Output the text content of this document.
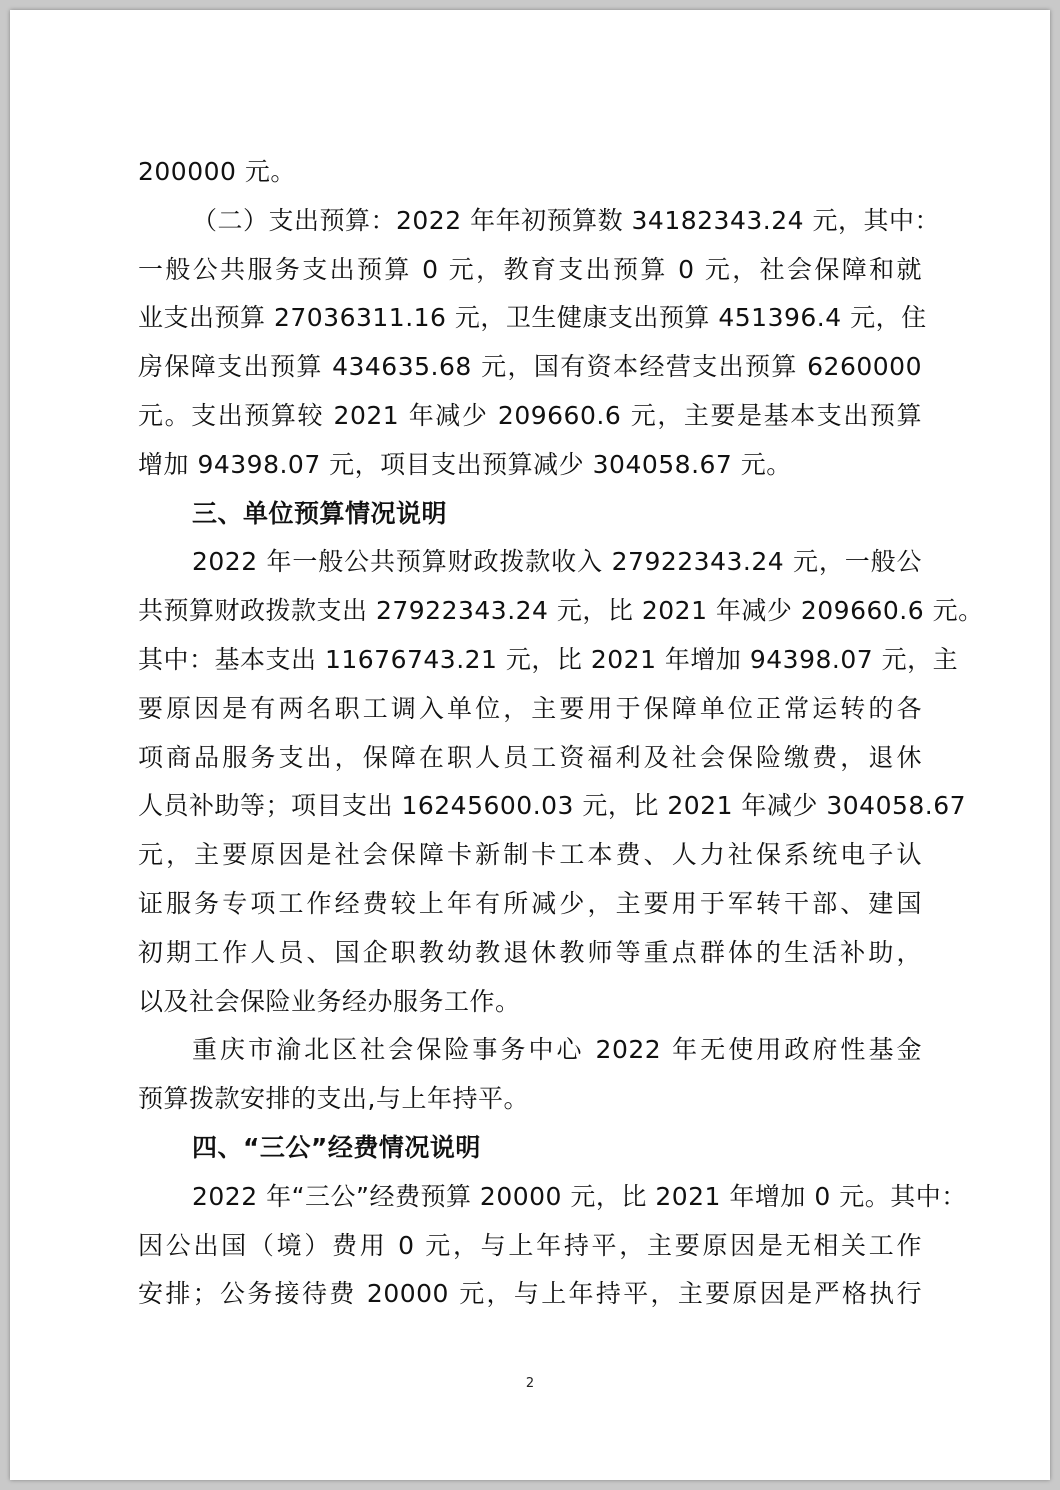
200000 元。
（二）支出预算：2022 年年初预算数 34182343.24 元，其中：
一般公共服务支出预算 0 元，教育支出预算 0 元，社会保障和就
业支出预算 27036311.16 元，卫生健康支出预算 451396.4 元，住
房保障支出预算 434635.68 元，国有资本经营支出预算 6260000
元。支出预算较 2021 年减少 209660.6 元，主要是基本支出预算
增加 94398.07 元，项目支出预算减少 304058.67 元。
三、单位预算情况说明
2022 年一般公共预算财政拨款收入 27922343.24 元，一般公
共预算财政拨款支出 27922343.24 元，比 2021 年减少 209660.6 元。
其中：基本支出 11676743.21 元，比 2021 年增加 94398.07 元，主
要原因是有两名职工调入单位，主要用于保障单位正常运转的各
项商品服务支出，保障在职人员工资福利及社会保险缴费，退休
人员补助等；项目支出 16245600.03 元，比 2021 年减少 304058.67
元，主要原因是社会保障卡新制卡工本费、人力社保系统电子认
证服务专项工作经费较上年有所减少，主要用于军转干部、建国
初期工作人员、国企职教幼教退休教师等重点群体的生活补助，
以及社会保险业务经办服务工作。
重庆市渝北区社会保险事务中心 2022 年无使用政府性基金
预算拨款安排的支出,与上年持平。
四、“三公”经费情况说明
2022 年“三公”经费预算 20000 元，比 2021 年增加 0 元。其中：
因公出国（境）费用 0 元，与上年持平，主要原因是无相关工作
安排；公务接待费 20000 元，与上年持平，主要原因是严格执行
2
